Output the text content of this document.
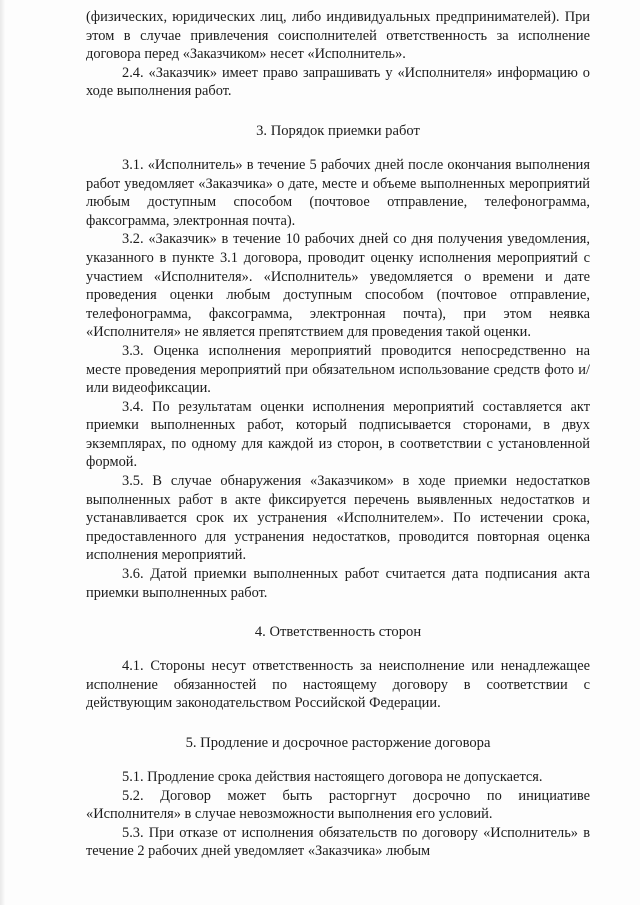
(физических, юридических лиц, либо индивидуальных предпринимателей). При этом в случае привлечения соисполнителей ответственность за исполнение договора перед «Заказчиком» несет «Исполнитель».

2.4. «Заказчик» имеет право запрашивать у «Исполнителя» информацию о ходе выполнения работ.

3. Порядок приемки работ

3.1. «Исполнитель» в течение 5 рабочих дней после окончания выполнения работ уведомляет «Заказчика» о дате, месте и объеме выполненных мероприятий любым доступным способом (почтовое отправление, телефонограмма, факсограмма, электронная почта).

3.2. «Заказчик» в течение 10 рабочих дней со дня получения уведомления, указанного в пункте 3.1 договора, проводит оценку исполнения мероприятий с участием «Исполнителя». «Исполнитель» уведомляется о времени и дате проведения оценки любым доступным способом (почтовое отправление, телефонограмма, факсограмма, электронная почта), при этом неявка «Исполнителя» не является препятствием для проведения такой оценки.

3.3. Оценка исполнения мероприятий проводится непосредственно на месте проведения мероприятий при обязательном использование средств фото и/или видеофиксации.

3.4. По результатам оценки исполнения мероприятий составляется акт приемки выполненных работ, который подписывается сторонами, в двух экземплярах, по одному для каждой из сторон, в соответствии с установленной формой.

3.5. В случае обнаружения «Заказчиком» в ходе приемки недостатков выполненных работ в акте фиксируется перечень выявленных недостатков и устанавливается срок их устранения «Исполнителем». По истечении срока, предоставленного для устранения недостатков, проводится повторная оценка исполнения мероприятий.

3.6. Датой приемки выполненных работ считается дата подписания акта приемки выполненных работ.

4. Ответственность сторон

4.1. Стороны несут ответственность за неисполнение или ненадлежащее исполнение обязанностей по настоящему договору в соответствии с действующим законодательством Российской Федерации.

5. Продление и досрочное расторжение договора

5.1. Продление срока действия настоящего договора не допускается.

5.2. Договор может быть расторгнут досрочно по инициативе «Исполнителя» в случае невозможности выполнения его условий.

5.3. При отказе от исполнения обязательств по договору «Исполнитель» в течение 2 рабочих дней уведомляет «Заказчика» любым
